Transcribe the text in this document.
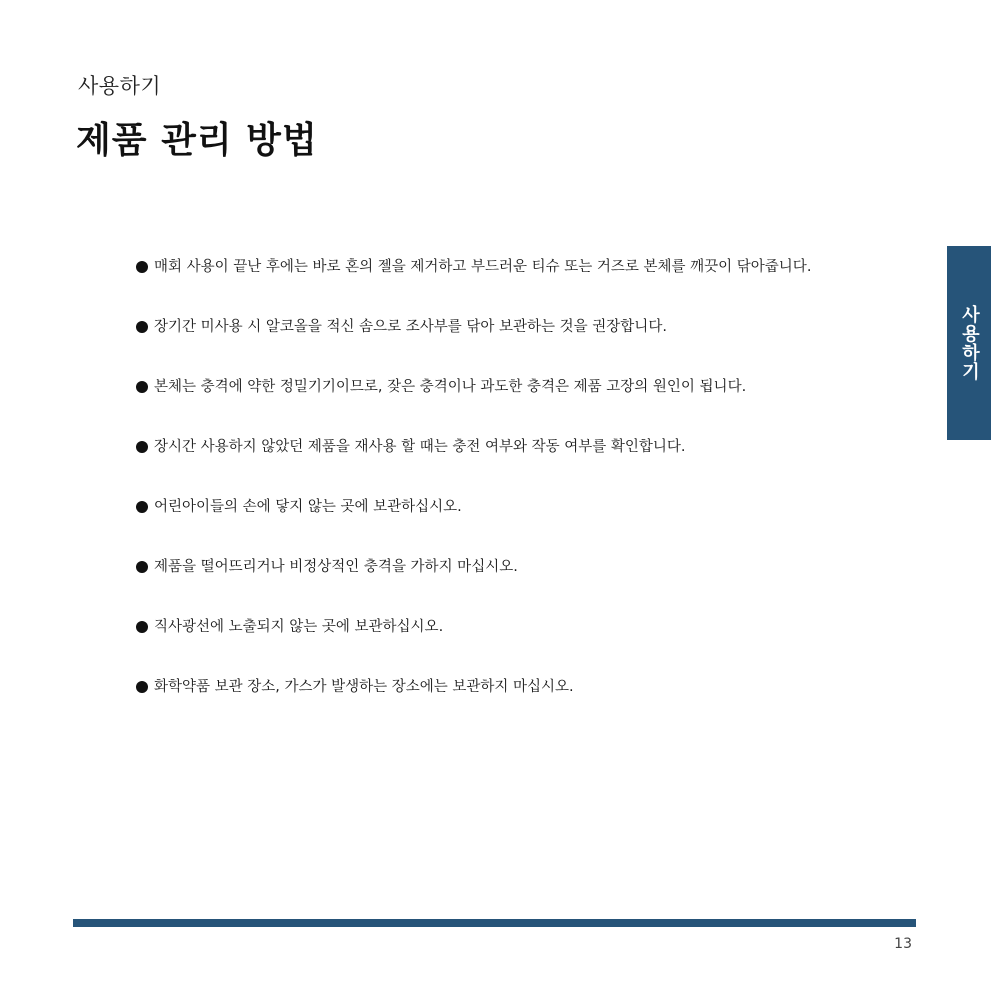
사용하기
제품 관리 방법
매회 사용이 끝난 후에는 바로 혼의 젤을 제거하고 부드러운 티슈 또는 거즈로 본체를 깨끗이 닦아줍니다.
장기간 미사용 시 알코올을 적신 솜으로 조사부를 닦아 보관하는 것을 권장합니다.
본체는 충격에 약한 정밀기기이므로, 잦은 충격이나 과도한 충격은 제품 고장의 원인이 됩니다.
장시간 사용하지 않았던 제품을 재사용 할 때는 충전 여부와 작동 여부를 확인합니다.
어린아이들의 손에 닿지 않는 곳에 보관하십시오.
제품을 떨어뜨리거나 비정상적인 충격을 가하지 마십시오.
직사광선에 노출되지 않는 곳에 보관하십시오.
화학약품 보관 장소, 가스가 발생하는 장소에는 보관하지 마십시오.
사용하기
13
